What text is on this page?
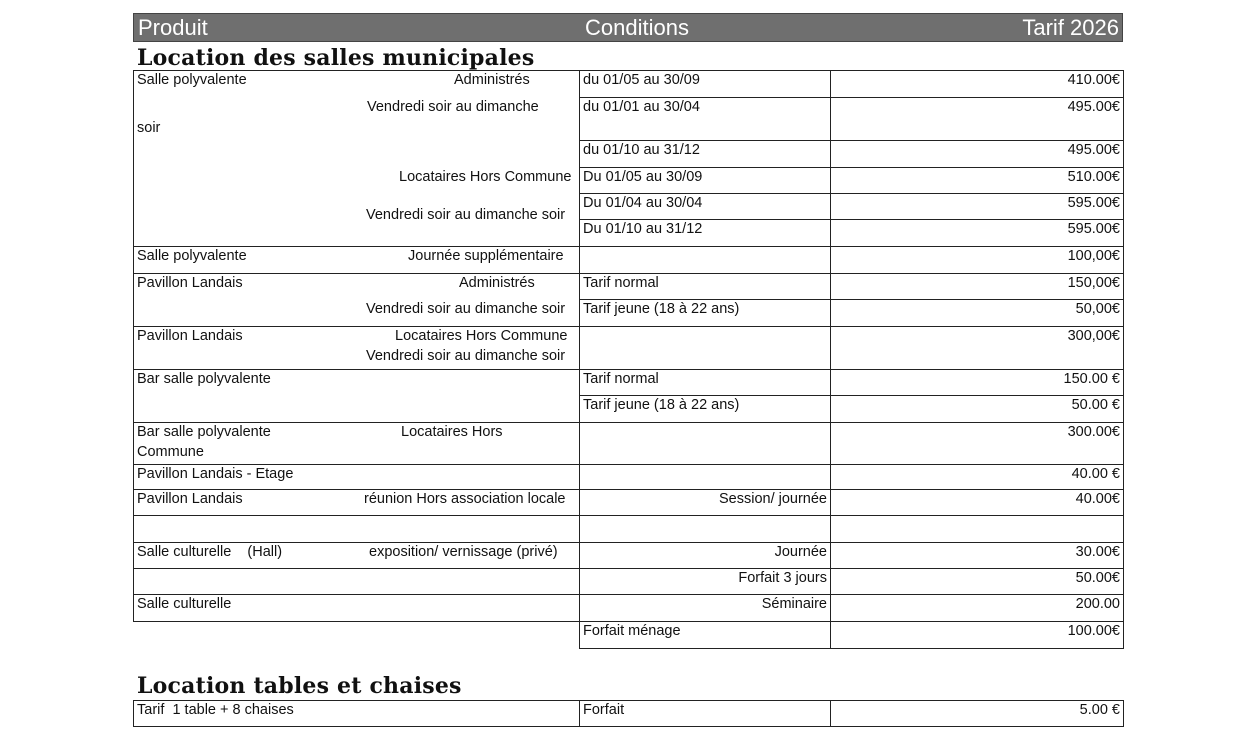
Produit	Conditions	Tarif 2026
Location des salles municipales
Salle polyvalente Administrés
Vendredi soir au dimanche
soir	du 01/05 au 30/09	410.00€
	du 01/01 au 30/04	495.00€
	du 01/10 au 31/12	495.00€

Locataires Hors Commune
Vendredi soir au dimanche soir	Du 01/05 au 30/09	510.00€
	Du 01/04 au 30/04	595.00€
	Du 01/10 au 31/12	595.00€
Salle polyvalente Journée supplémentaire		100,00€
Pavillon Landais Administrés
Vendredi soir au dimanche soir	Tarif normal	150,00€
	Tarif jeune (18 à 22 ans)	50,00€
Pavillon Landais Locataires Hors Commune
Vendredi soir au dimanche soir		300,00€
Bar salle polyvalente	Tarif normal	150.00 €
	Tarif jeune (18 à 22 ans)	50.00 €
Bar salle polyvalente Locataires Hors
Commune		300.00€
Pavillon Landais - Etage		40.00 €
Pavillon Landais réunion Hors association locale	Session/ journée	40.00€

Salle culturelle    (Hall) exposition/ vernissage (privé)	Journée	30.00€
	Forfait 3 jours	50.00€
Salle culturelle	Séminaire	200.00
	Forfait ménage	100.00€
Location tables et chaises
Tarif  1 table + 8 chaises	Forfait	5.00 €
